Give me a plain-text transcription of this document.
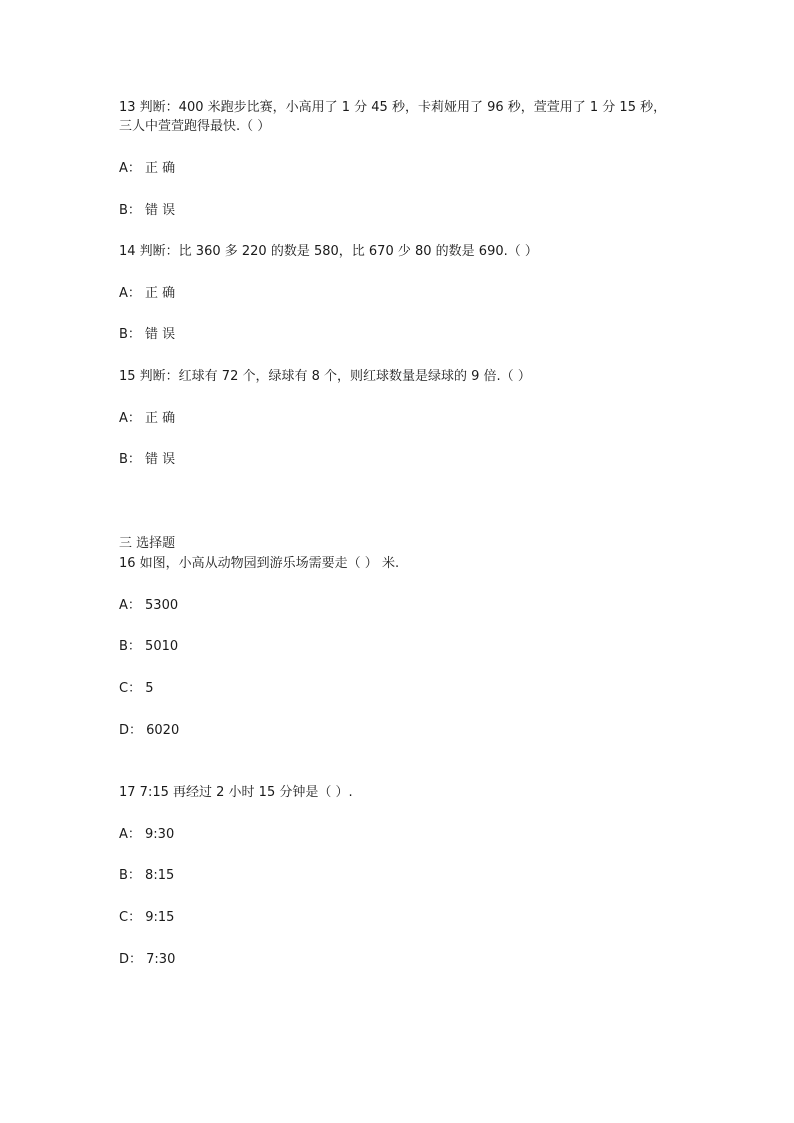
13 判断：400 米跑步比赛，小高用了 1 分 45 秒，卡莉娅用了 96 秒，萱萱用了 1 分 15 秒，
三人中萱萱跑得最快.（ ）
A： 正 确
B： 错 误
14 判断：比 360 多 220 的数是 580，比 670 少 80 的数是 690.（ ）
A： 正 确
B： 错 误
15 判断：红球有 72 个，绿球有 8 个，则红球数量是绿球的 9 倍.（ ）
A： 正 确
B： 错 误
三 选择题
16 如图，小高从动物园到游乐场需要走（ ） 米.
A： 5300
B： 5010
C： 5
D： 6020
17 7:15 再经过 2 小时 15 分钟是（ ）.
A： 9:30
B： 8:15
C： 9:15
D： 7:30
